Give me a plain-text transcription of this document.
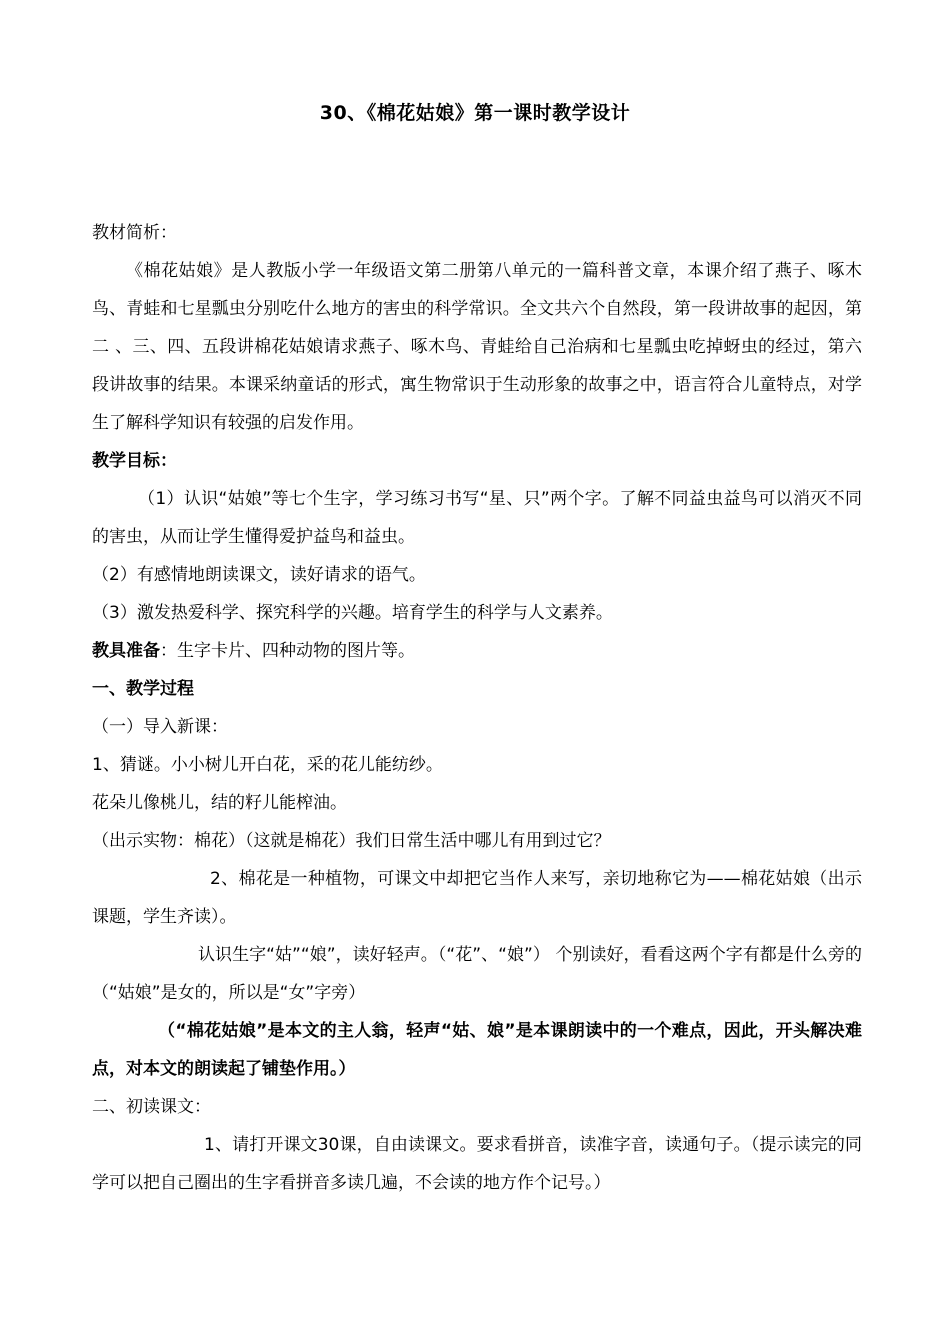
30、《棉花姑娘》第一课时教学设计

教材简析：

《棉花姑娘》是人教版小学一年级语文第二册第八单元的一篇科普文章，本课介绍了燕子、啄木鸟、青蛙和七星瓢虫分别吃什么地方的害虫的科学常识。全文共六个自然段，第一段讲故事的起因，第二 、三、四、五段讲棉花姑娘请求燕子、啄木鸟、青蛙给自己治病和七星瓢虫吃掉蚜虫的经过，第六段讲故事的结果。本课采纳童话的形式，寓生物常识于生动形象的故事之中，语言符合儿童特点，对学生了解科学知识有较强的启发作用。

教学目标：

（1）认识“姑娘”等七个生字，学习练习书写“星、只”两个字。了解不同益虫益鸟可以消灭不同的害虫，从而让学生懂得爱护益鸟和益虫。

（2）有感情地朗读课文，读好请求的语气。

（3）激发热爱科学、探究科学的兴趣。培育学生的科学与人文素养。

教具准备：生字卡片、四种动物的图片等。

一、教学过程

（一）导入新课：

1、猜谜。小小树儿开白花，采的花儿能纺纱。

花朵儿像桃儿，结的籽儿能榨油。

（出示实物：棉花）（这就是棉花）我们日常生活中哪儿有用到过它？

2、棉花是一种植物，可课文中却把它当作人来写，亲切地称它为——棉花姑娘（出示课题，学生齐读）。

认识生字“姑”“娘”，读好轻声。（“花”、“娘”） 个别读好，看看这两个字有都是什么旁的（“姑娘”是女的，所以是“女”字旁）

（“棉花姑娘”是本文的主人翁，轻声“姑、娘”是本课朗读中的一个难点，因此，开头解决难点，对本文的朗读起了铺垫作用。）

二、初读课文：

1、请打开课文30课，自由读课文。要求看拼音，读准字音，读通句子。（提示读完的同学可以把自己圈出的生字看拼音多读几遍，不会读的地方作个记号。）
